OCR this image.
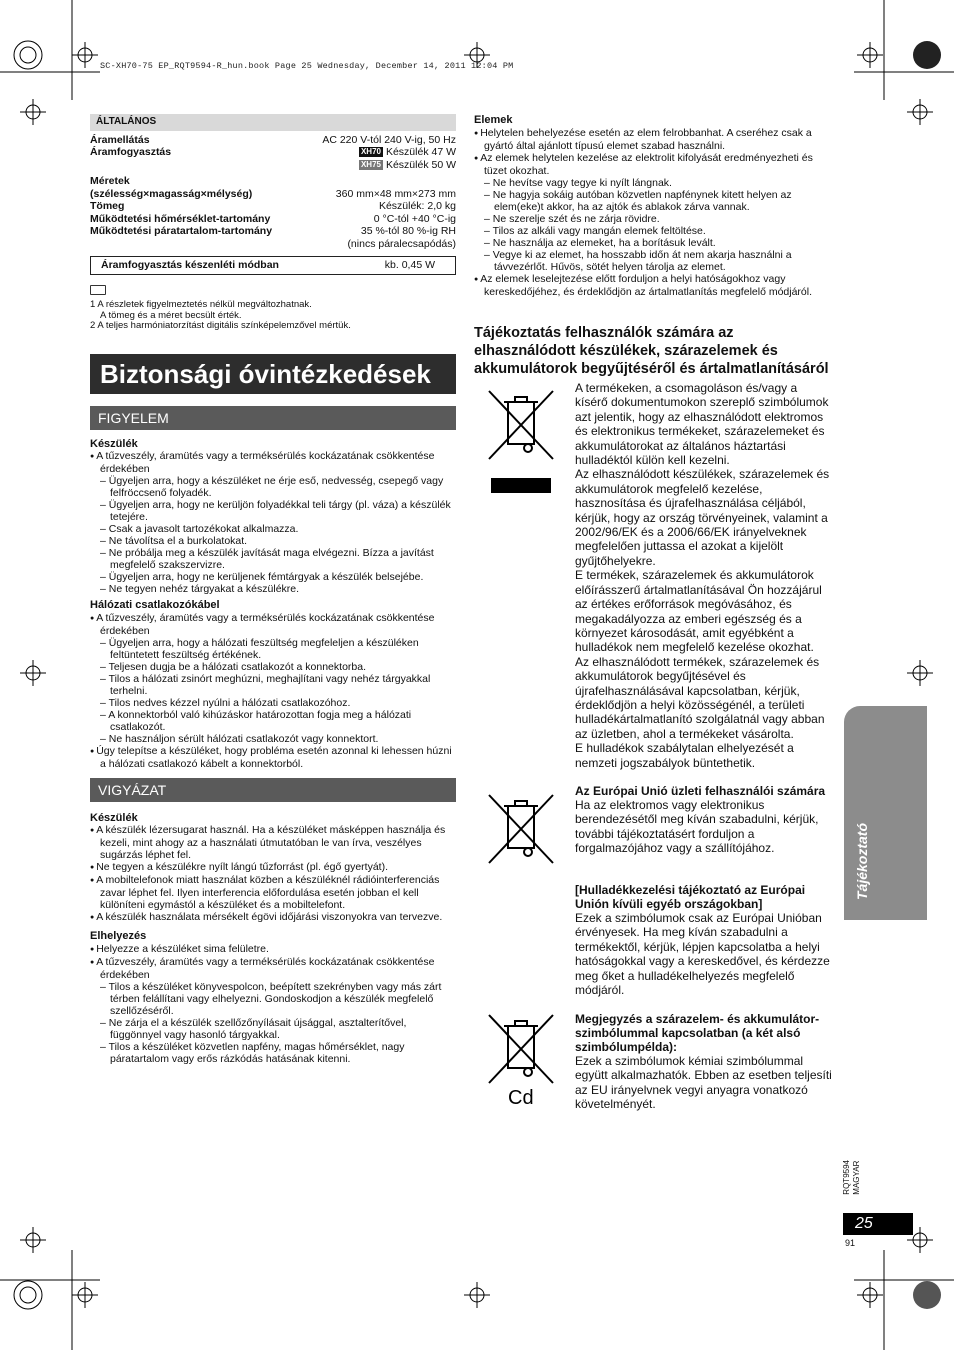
SC-XH70-75 EP_RQT9594-R_hun.book Page 25 Wednesday, December 14, 2011 12:04 PM
ÁLTALÁNOS
Áramellátás	AC 220 V-tól 240 V-ig, 50 Hz
Áramfogyasztás	XH70 Készülék 47 W
XH75 Készülék 50 W
Méretek
(szélesség×magasság×mélység)	360 mm×48 mm×273 mm
Tömeg	Készülék: 2,0 kg
Működtetési hőmérséklet-tartomány	0 °C-tól +40 °C-ig
Működtetési páratartalom-tartomány	35 %-tól 80 %-ig RH
(nincs páralecsapódás)
Áramfogyasztás készenléti módban	kb. 0,45 W
1 A részletek figyelmeztetés nélkül megváltozhatnak.
A tömeg és a méret becsült érték.
2 A teljes harmóniatorzítást digitális színképelemzővel mértük.
Biztonsági óvintézkedések
FIGYELEM
Készülék
● A tűzveszély, áramütés vagy a terméksérülés kockázatának csökkentése érdekében
– Ügyeljen arra, hogy a készüléket ne érje eső, nedvesség, csepegő vagy felfröccsenő folyadék.
– Ügyeljen arra, hogy ne kerüljön folyadékkal teli tárgy (pl. váza) a készülék tetejére.
– Csak a javasolt tartozékokat alkalmazza.
– Ne távolítsa el a burkolatokat.
– Ne próbálja meg a készülék javítását maga elvégezni. Bízza a javítást megfelelő szakszervizre.
– Ügyeljen arra, hogy ne kerüljenek fémtárgyak a készülék belsejébe.
– Ne tegyen nehéz tárgyakat a készülékre.
Hálózati csatlakozókábel
● A tűzveszély, áramütés vagy a terméksérülés kockázatának csökkentése érdekében
– Ügyeljen arra, hogy a hálózati feszültség megfeleljen a készüléken feltüntetett feszültség értékének.
– Teljesen dugja be a hálózati csatlakozót a konnektorba.
– Tilos a hálózati zsinórt meghúzni, meghajlítani vagy nehéz tárgyakkal terhelni.
– Tilos nedves kézzel nyúlni a hálózati csatlakozóhoz.
– A konnektorból való kihúzáskor határozottan fogja meg a hálózati csatlakozót.
– Ne használjon sérült hálózati csatlakozót vagy konnektort.
● Úgy telepítse a készüléket, hogy probléma esetén azonnal ki lehessen húzni a hálózati csatlakozó kábelt a konnektorból.
VIGYÁZAT
Készülék
● A készülék lézersugarat használ. Ha a készüléket másképpen használja és kezeli, mint ahogy az a használati útmutatóban le van írva, veszélyes sugárzás léphet fel.
● Ne tegyen a készülékre nyílt lángú tűzforrást (pl. égő gyertyát).
● A mobiltelefonok miatt használat közben a készüléknél rádióinterferenciás zavar léphet fel. Ilyen interferencia előfordulása esetén jobban el kell különíteni egymástól a készüléket és a mobiltelefont.
● A készülék használata mérsékelt égövi időjárási viszonyokra van tervezve.
Elhelyezés
● Helyezze a készüléket sima felületre.
● A tűzveszély, áramütés vagy a terméksérülés kockázatának csökkentése érdekében
– Tilos a készüléket könyvespolcon, beépített szekrényben vagy más zárt térben felállítani vagy elhelyezni. Gondoskodjon a készülék megfelelő szellőzéséről.
– Ne zárja el a készülék szellőzőnyílásait újsággal, asztalterítővel, függönnyel vagy hasonló tárgyakkal.
– Tilos a készüléket közvetlen napfény, magas hőmérséklet, nagy páratartalom vagy erős rázkódás hatásának kitenni.
Elemek
● Helytelen behelyezése esetén az elem felrobbanhat. A cseréhez csak a gyártó által ajánlott típusú elemet szabad használni.
● Az elemek helytelen kezelése az elektrolit kifolyását eredményezheti és tüzet okozhat.
– Ne hevítse vagy tegye ki nyílt lángnak.
– Ne hagyja sokáig autóban közvetlen napfénynek kitett helyen az elem(eke)t akkor, ha az ajtók és ablakok zárva vannak.
– Ne szerelje szét és ne zárja rövidre.
– Tilos az alkáli vagy mangán elemek feltöltése.
– Ne használja az elemeket, ha a borításuk levált.
– Vegye ki az elemet, ha hosszabb időn át nem akarja használni a távvezérlőt. Hűvös, sötét helyen tárolja az elemet.
● Az elemek leselejtezése előtt forduljon a helyi hatóságokhoz vagy kereskedőjéhez, és érdeklődjön az ártalmatlanítás megfelelő módjáról.
Tájékoztatás felhasználók számára az elhasználódott készülékek, szárazelemek és akkumulátorok begyűjtéséről és ártalmatlanításáról
Cd
A termékeken, a csomagoláson és/vagy a kísérő dokumentumokon szereplő szimbólumok azt jelentik, hogy az elhasználódott elektromos és elektronikus termékeket, szárazelemeket és akkumulátorokat az általános háztartási hulladéktól külön kell kezelni.
Az elhasználódott készülékek, szárazelemek és akkumulátorok megfelelő kezelése, hasznosítása és újrafelhasználása céljából, kérjük, hogy az ország törvényeinek, valamint a 2002/96/EK és a 2006/66/EK irányelveknek megfelelően juttassa el azokat a kijelölt gyűjtőhelyekre.
E termékek, szárazelemek és akkumulátorok előírásszerű ártalmatlanításával Ön hozzájárul az értékes erőforrások megóvásához, és megakadályozza az emberi egészség és a környezet károsodását, amit egyébként a hulladékok nem megfelelő kezelése okozhat.
Az elhasználódott termékek, szárazelemek és akkumulátorok begyűjtésével és újrafelhasználásával kapcsolatban, kérjük, érdeklődjön a helyi közösségénél, a területi hulladékártalmatlanító szolgálatnál vagy abban az üzletben, ahol a termékeket vásárolta.
E hulladékok szabálytalan elhelyezését a nemzeti jogszabályok büntethetik.
Az Európai Unió üzleti felhasználói számára
Ha az elektromos vagy elektronikus berendezésétől meg kíván szabadulni, kérjük, további tájékoztatásért forduljon a forgalmazójához vagy a szállítójához.
[Hulladékkezelési tájékoztató az Európai Unión kívüli egyéb országokban]
Ezek a szimbólumok csak az Európai Unióban érvényesek. Ha meg kíván szabadulni a termékektől, kérjük, lépjen kapcsolatba a helyi hatóságokkal vagy a kereskedővel, és kérdezze meg őket a hulladékelhelyezés megfelelő módjáról.
Megjegyzés a szárazelem- és akkumulátor-szimbólummal kapcsolatban (a két alsó szimbólumpélda):
Ezek a szimbólumok kémiai szimbólummal együtt alkalmazhatók. Ebben az esetben teljesíti az EU irányelvnek vegyi anyagra vonatkozó követelményét.
Tájékoztató
RQT9594
MAGYAR
25
91
